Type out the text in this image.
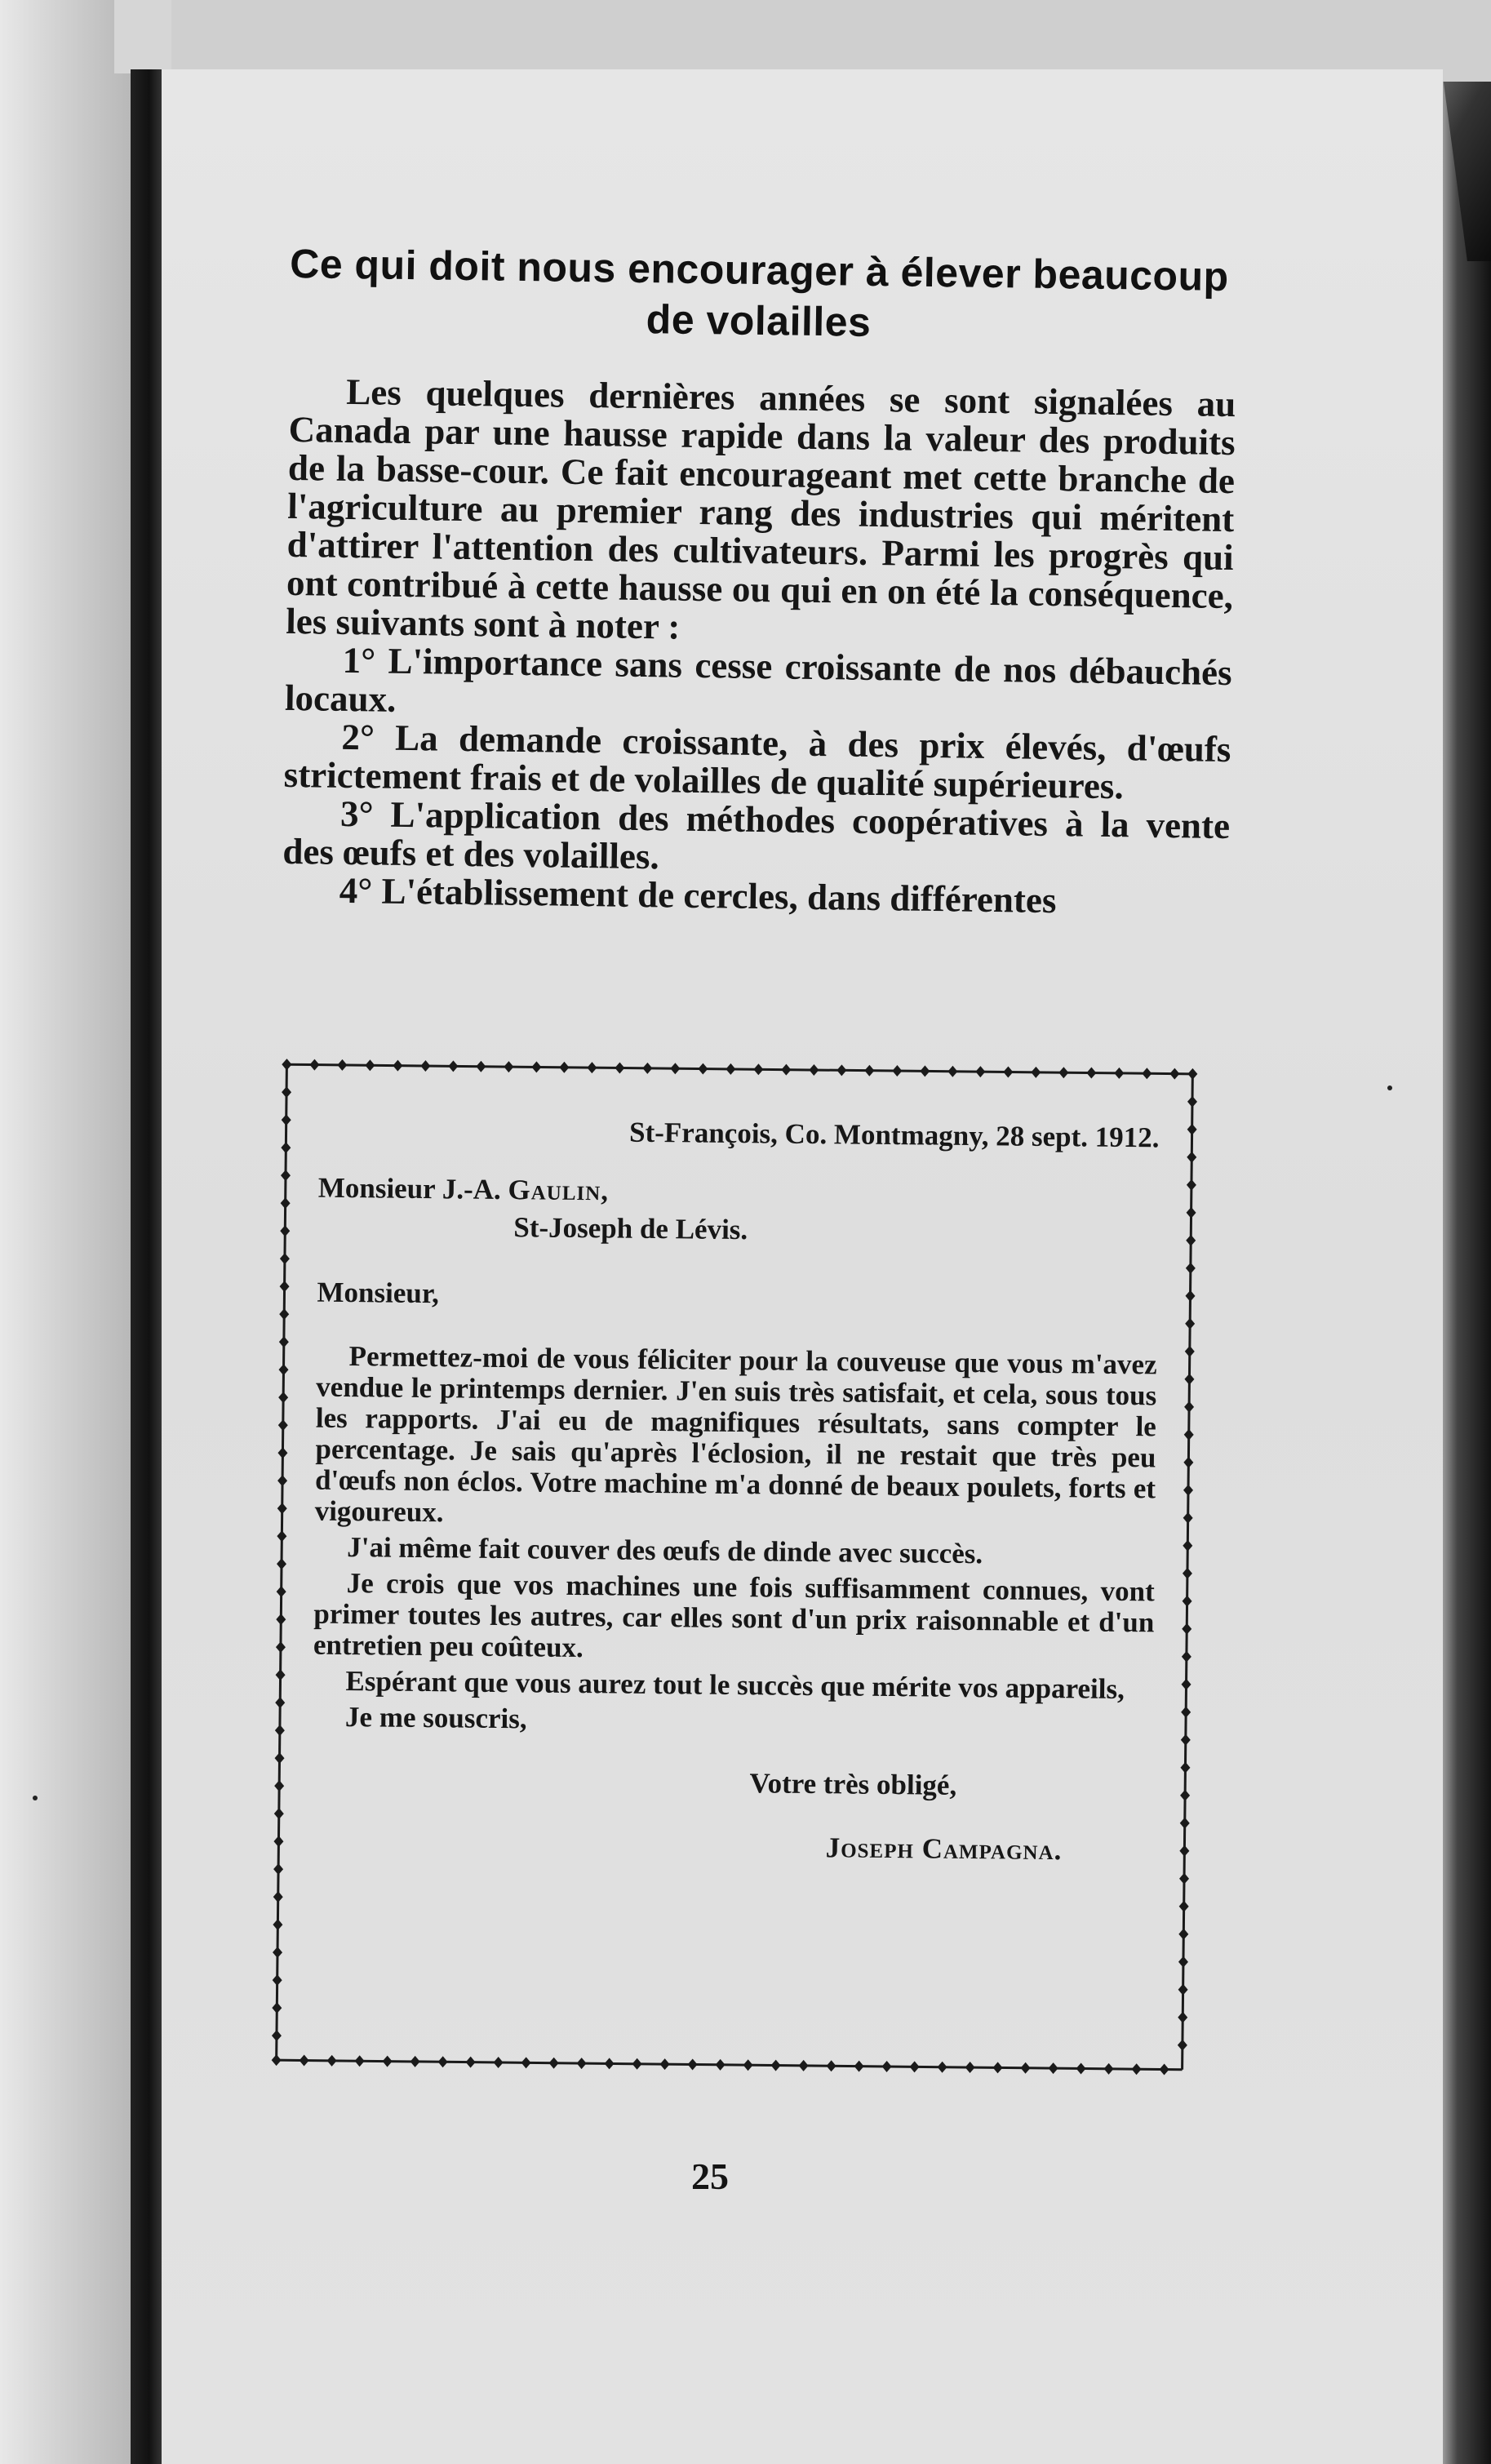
Ce qui doit nous encourager à élever beaucoup
de volailles

Les quelques dernières années se sont signalées au Canada par une hausse rapide dans la valeur des produits de la basse-cour. Ce fait encourageant met cette branche de l'agriculture au premier rang des industries qui méritent d'attirer l'attention des cultivateurs. Parmi les progrès qui ont contribué à cette hausse ou qui en on été la conséquence, les suivants sont à noter :

1° L'importance sans cesse croissante de nos débauchés locaux.

2° La demande croissante, à des prix élevés, d'œufs strictement frais et de volailles de qualité supérieures.

3° L'application des méthodes coopératives à la vente des œufs et des volailles.

4° L'établissement de cercles, dans différentes

St-François, Co. Montmagny, 28 sept. 1912.
Monsieur J.-A. Gaulin,
St-Joseph de Lévis.
Monsieur,

Permettez-moi de vous féliciter pour la couveuse que vous m'avez vendue le printemps dernier. J'en suis très satisfait, et cela, sous tous les rapports. J'ai eu de magnifiques résultats, sans compter le percentage. Je sais qu'après l'éclosion, il ne restait que très peu d'œufs non éclos. Votre machine m'a donné de beaux poulets, forts et vigoureux.

J'ai même fait couver des œufs de dinde avec succès.

Je crois que vos machines une fois suffisamment connues, vont primer toutes les autres, car elles sont d'un prix raisonnable et d'un entretien peu coûteux.

Espérant que vous aurez tout le succès que mérite vos appareils,

Je me souscris,

Votre très obligé,
Joseph Campagna.
25
